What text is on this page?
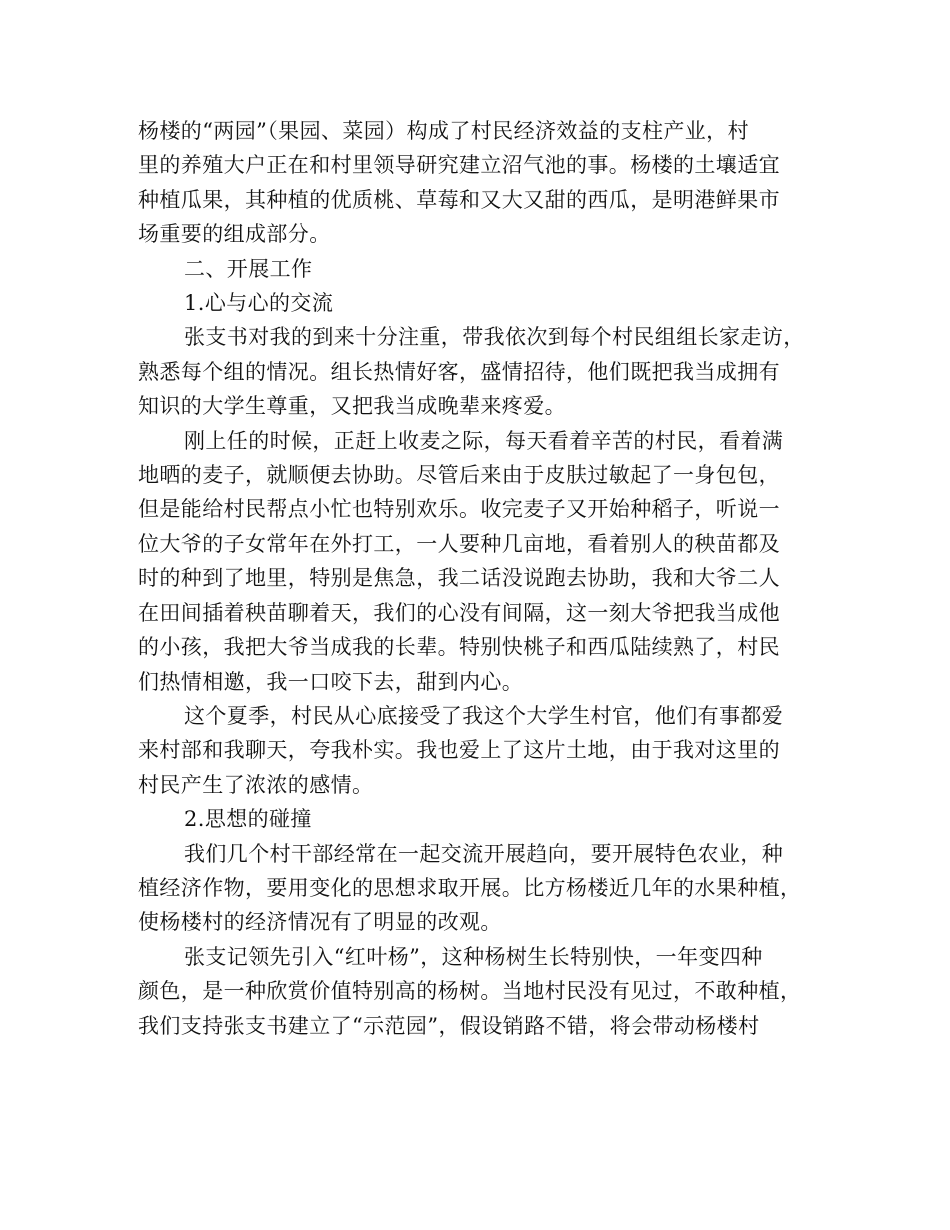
杨楼的“两园”（果园、菜园）构成了村民经济效益的支柱产业，村
里的养殖大户正在和村里领导研究建立沼气池的事。杨楼的土壤适宜
种植瓜果，其种植的优质桃、草莓和又大又甜的西瓜，是明港鲜果市
场重要的组成部分。

二、开展工作

1.心与心的交流

张支书对我的到来十分注重，带我依次到每个村民组组长家走访，
熟悉每个组的情况。组长热情好客，盛情招待，他们既把我当成拥有
知识的大学生尊重，又把我当成晚辈来疼爱。
刚上任的时候，正赶上收麦之际，每天看着辛苦的村民，看着满
地晒的麦子，就顺便去协助。尽管后来由于皮肤过敏起了一身包包，
但是能给村民帮点小忙也特别欢乐。收完麦子又开始种稻子，听说一
位大爷的子女常年在外打工，一人要种几亩地，看着别人的秧苗都及
时的种到了地里，特别是焦急，我二话没说跑去协助，我和大爷二人
在田间插着秧苗聊着天，我们的心没有间隔，这一刻大爷把我当成他
的小孩，我把大爷当成我的长辈。特别快桃子和西瓜陆续熟了，村民
们热情相邀，我一口咬下去，甜到内心。
这个夏季，村民从心底接受了我这个大学生村官，他们有事都爱
来村部和我聊天，夸我朴实。我也爱上了这片土地，由于我对这里的
村民产生了浓浓的感情。

2.思想的碰撞

我们几个村干部经常在一起交流开展趋向，要开展特色农业，种
植经济作物，要用变化的思想求取开展。比方杨楼近几年的水果种植，
使杨楼村的经济情况有了明显的改观。
张支记领先引入“红叶杨”，这种杨树生长特别快，一年变四种
颜色，是一种欣赏价值特别高的杨树。当地村民没有见过，不敢种植，
我们支持张支书建立了“示范园”，假设销路不错，将会带动杨楼村
